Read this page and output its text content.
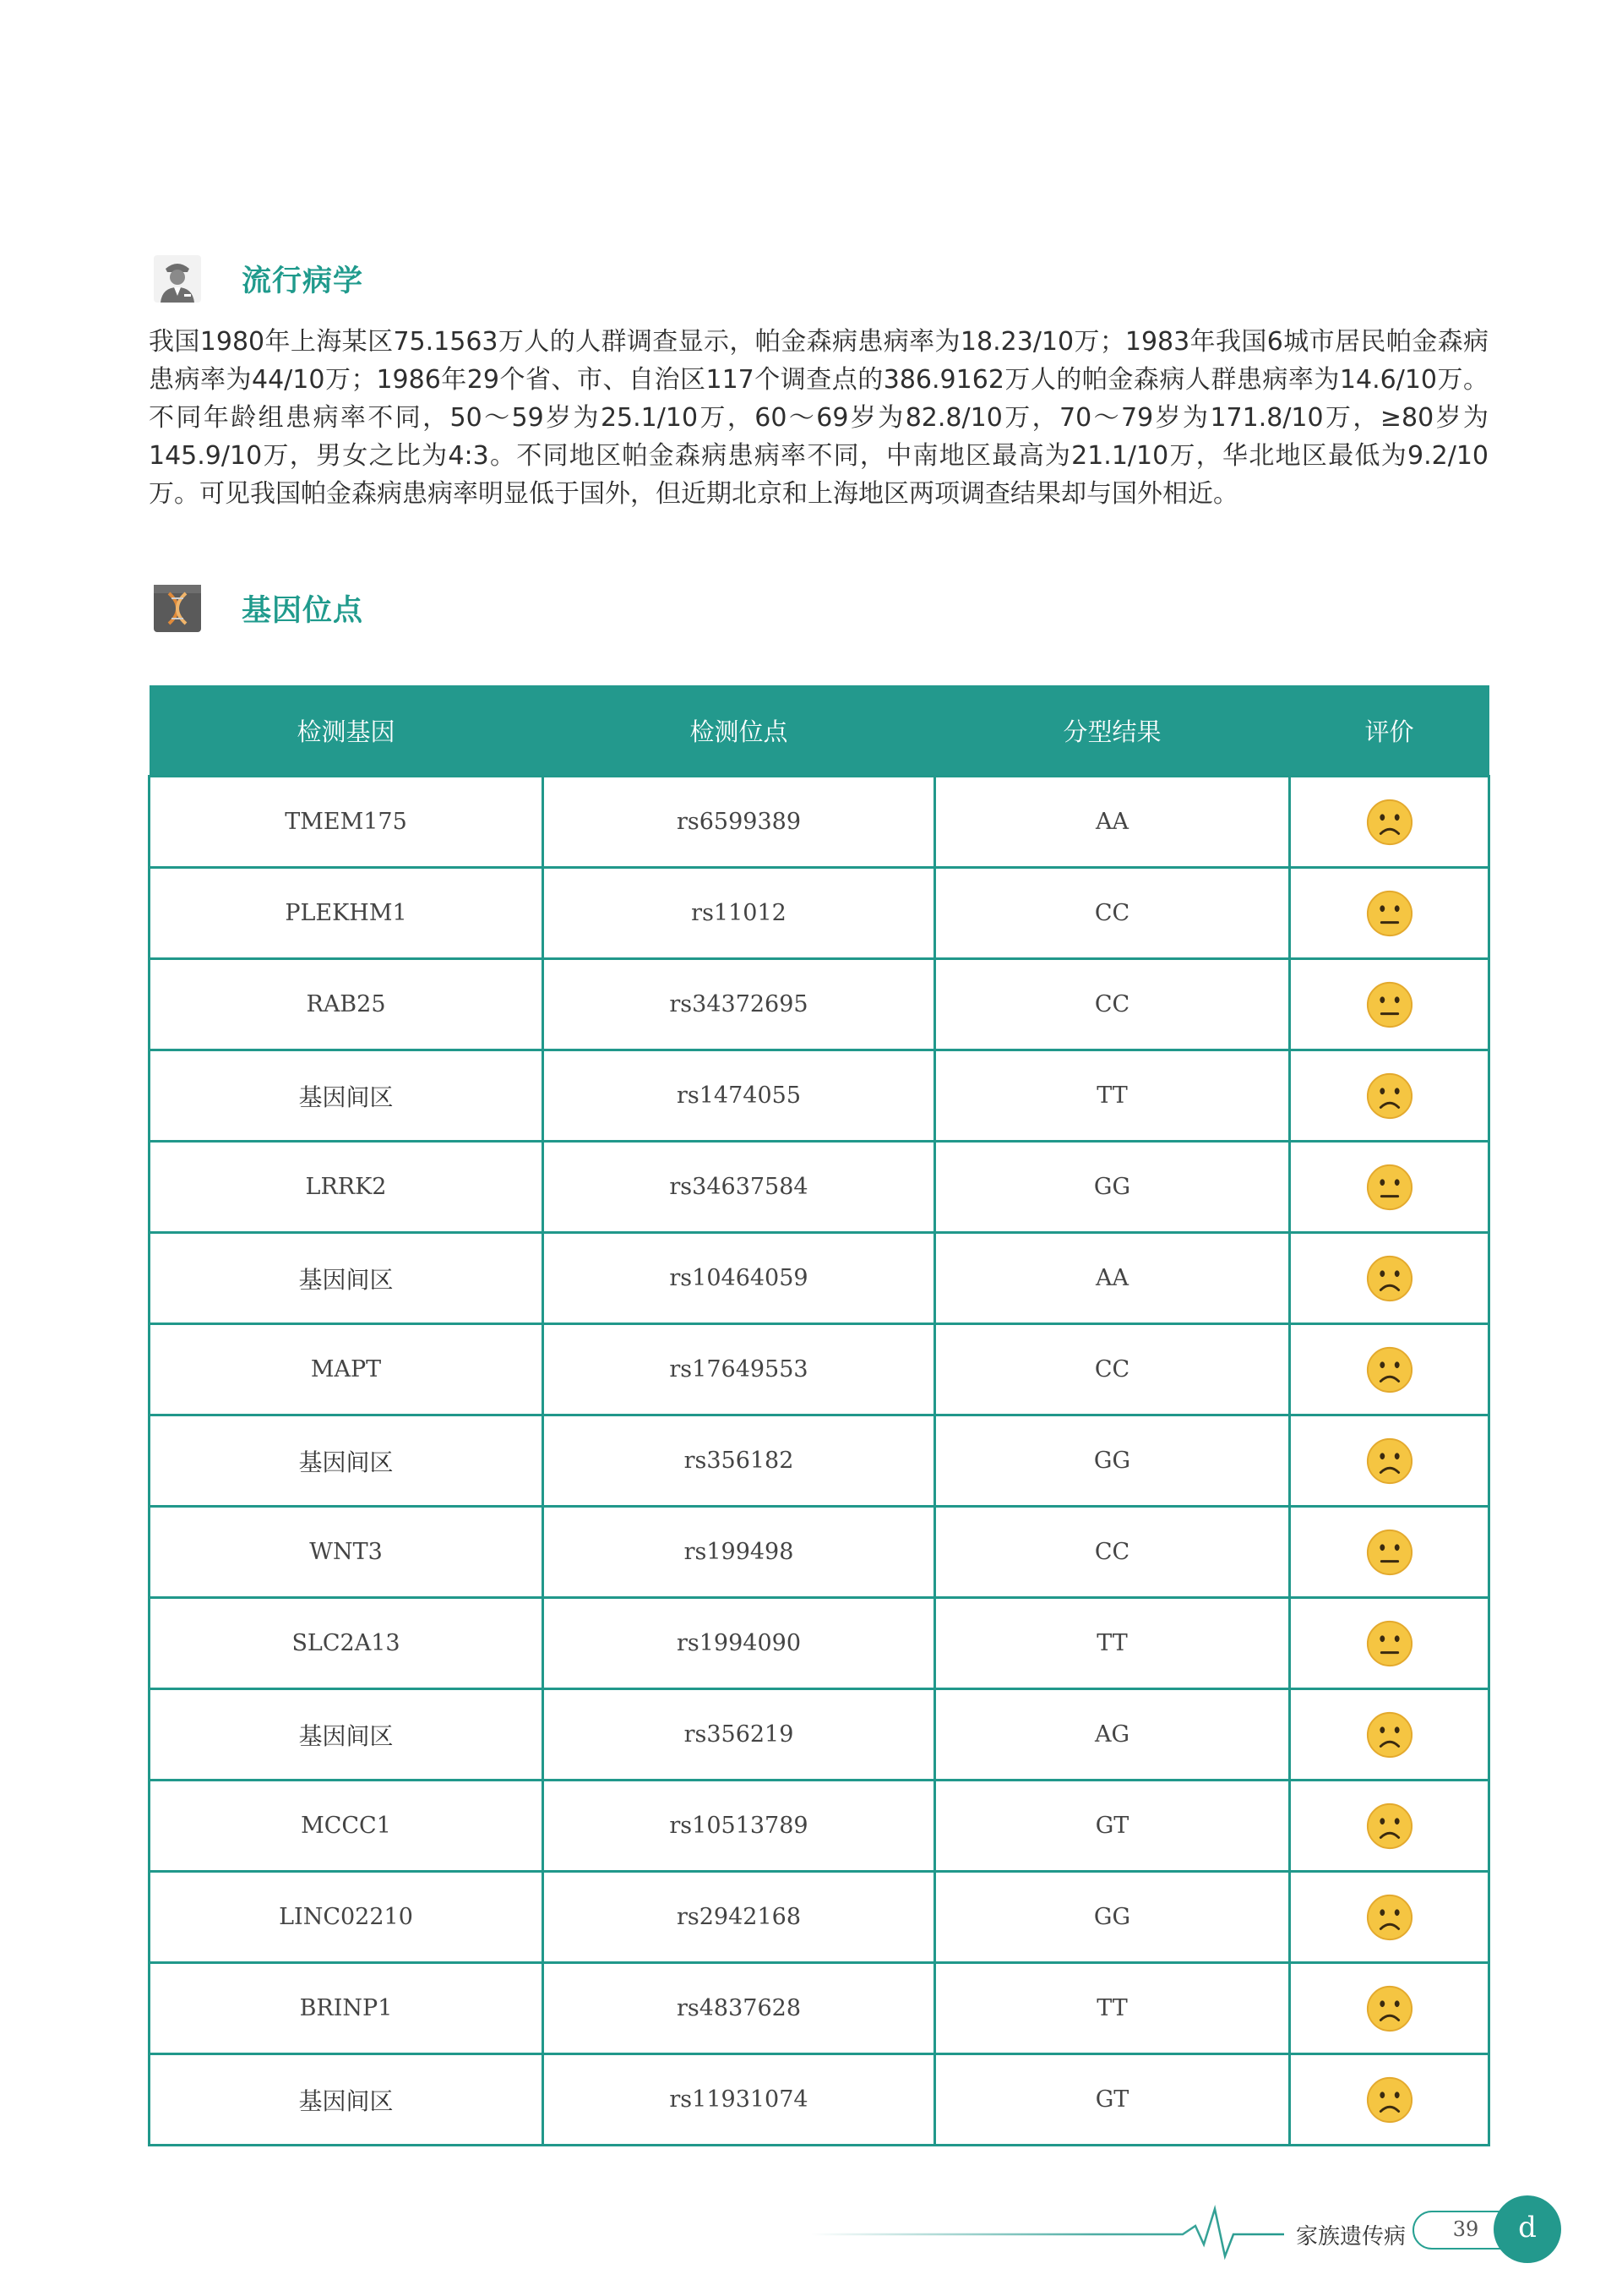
流行病学
我国1980年上海某区75.1563万人的人群调查显示，帕金森病患病率为18.23/10万；1983年我国6城市居民帕金森病患病率为44/10万；1986年29个省、市、自治区117个调查点的386.9162万人的帕金森病人群患病率为14.6/10万。不同年龄组患病率不同，50～59岁为25.1/10万，60～69岁为82.8/10万，70～79岁为171.8/10万，≥80岁为145.9/10万，男女之比为4:3。不同地区帕金森病患病率不同，中南地区最高为21.1/10万，华北地区最低为9.2/10万。可见我国帕金森病患病率明显低于国外，但近期北京和上海地区两项调查结果却与国外相近。
基因位点
检测基因	检测位点	分型结果	评价
TMEM175	rs6599389	AA	
PLEKHM1	rs11012	CC	
RAB25	rs34372695	CC	
基因间区	rs1474055	TT	
LRRK2	rs34637584	GG	
基因间区	rs10464059	AA	
MAPT	rs17649553	CC	
基因间区	rs356182	GG	
WNT3	rs199498	CC	
SLC2A13	rs1994090	TT	
基因间区	rs356219	AG	
MCCC1	rs10513789	GT	
LINC02210	rs2942168	GG	
BRINP1	rs4837628	TT	
基因间区	rs11931074	GT	
家族遗传病	39	d
